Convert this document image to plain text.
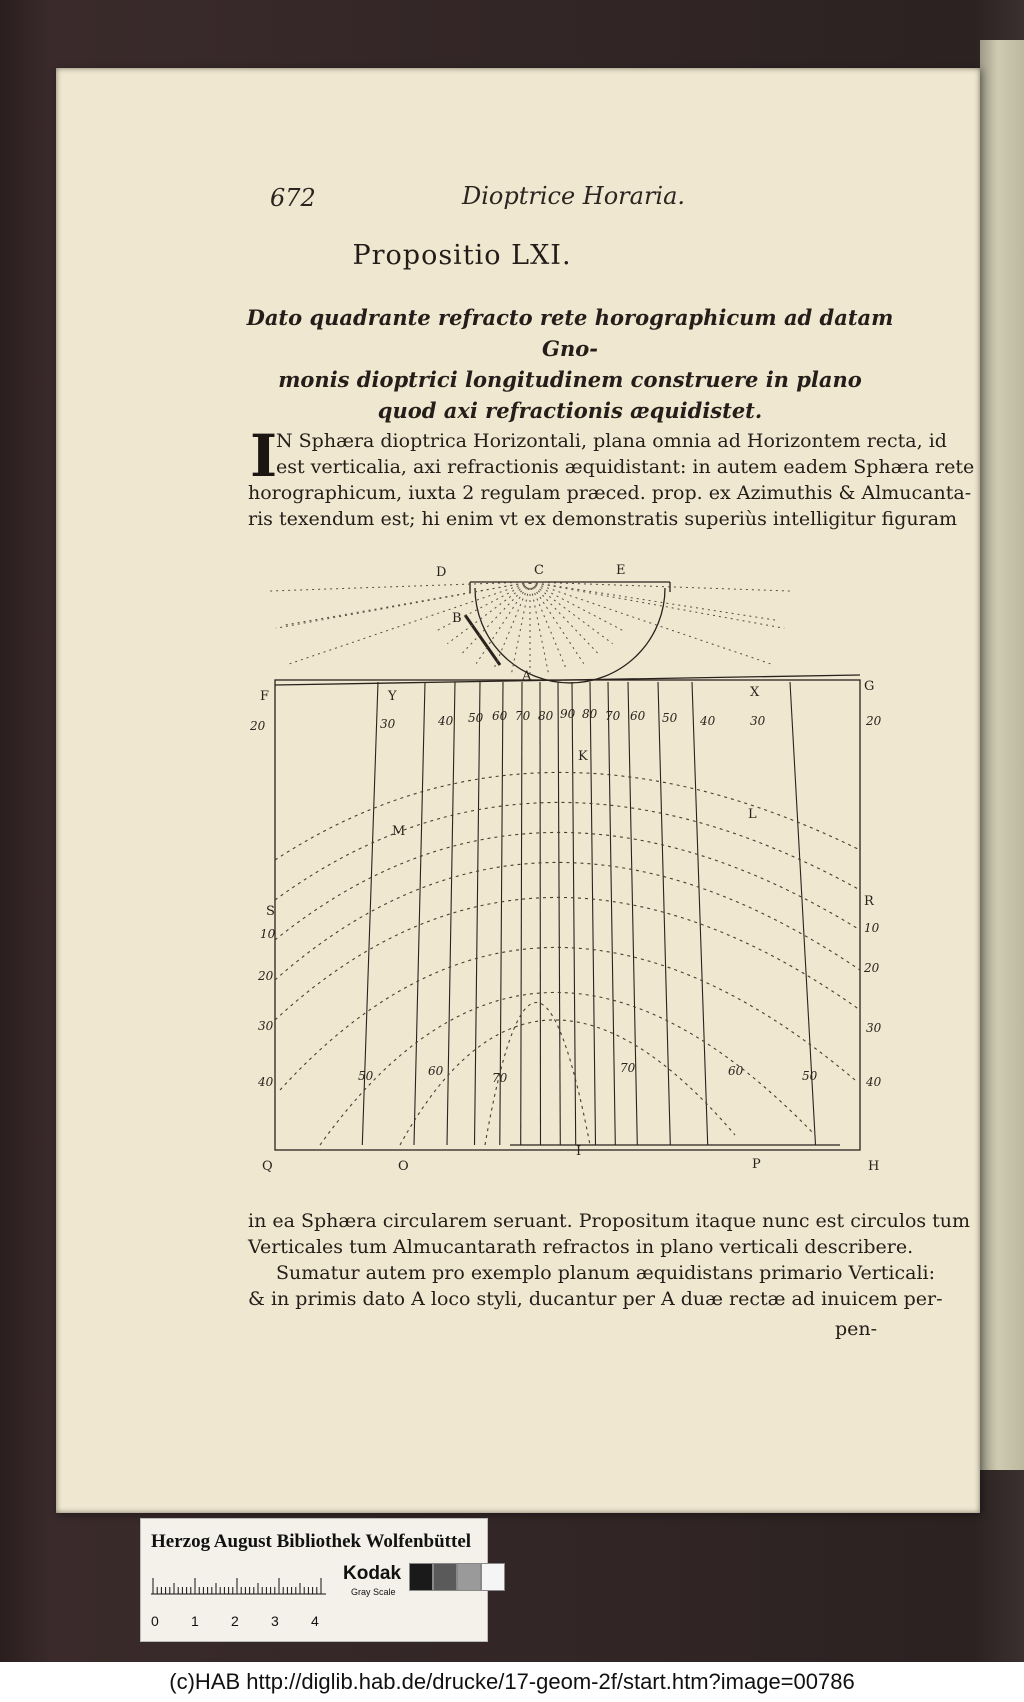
672	Dioptrice Horaria.
Propositio LXI.
Dato quadrante refracto rete horographicum ad datam Gno-
monis dioptrici longitudinem construere in plano
quod axi refractionis æquidistet.
I
N Sphæra dioptrica Horizontali, plana omnia ad Horizontem recta, id
est verticalia, axi refractionis æquidistant: in autem eadem Sphæra rete
horographicum, iuxta 2 regulam præced. prop. ex Azimuthis & Almucanta-
ris texendum est; hi enim vt ex demonstratis superiùs intelligitur figuram
D	C	E
B
A
F
G
Y	X
K
M
L
S
R
Q	O
I
P	H
40 50 60 70 80 90 80 70 60 50 40
20	30	30	20
10
20
30
40
10
20
30
40
50	60	70
70	60	50
in ea Sphæra circularem seruant. Propositum itaque nunc est circulos tum
Verticales tum Almucantarath refractos in plano verticali describere.
Sumatur autem pro exemplo planum æquidistans primario Verticali:
& in primis dato A loco styli, ducantur per A duæ rectæ ad inuicem per-
pen-
Herzog August Bibliothek Wolfenbüttel
0 1 2 3 4
Kodak
Gray Scale
(c)HAB http://diglib.hab.de/drucke/17-geom-2f/start.htm?image=00786
